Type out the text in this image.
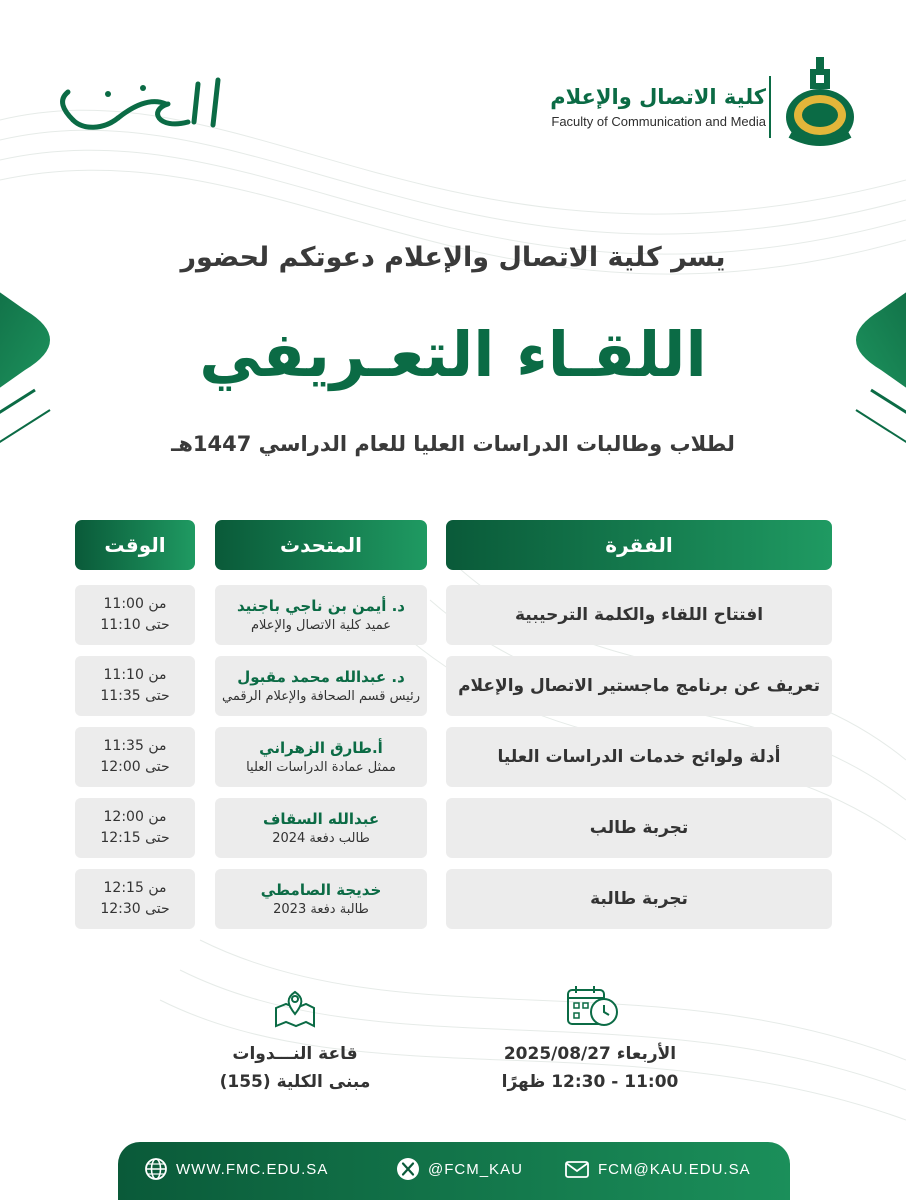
كلية الاتصال والإعلام
Faculty of Communication and Media
يسر كلية الاتصال والإعلام دعوتكم لحضور
اللقـاء التعـريفي
لطلاب وطالبات الدراسات العليا للعام الدراسي 1447هـ
الفقرة
المتحدث
الوقت
افتتاح اللقاء والكلمة الترحيبية
د. أيمن بن ناجي باجنيد
عميد كلية الاتصال والإعلام
من 11:00
حتى 11:10
تعريف عن برنامج ماجستير الاتصال والإعلام
د. عبدالله محمد مقبول
رئيس قسم الصحافة والإعلام الرقمي
من 11:10
حتى 11:35
أدلة ولوائح خدمات الدراسات العليا
أ.طارق الزهراني
ممثل عمادة الدراسات العليا
من 11:35
حتى 12:00
تجربة طالب
عبدالله السقاف
طالب دفعة 2024
من 12:00
حتى 12:15
تجربة طالبة
خديجة الصامطي
طالبة دفعة 2023
من 12:15
حتى 12:30
قاعة النـــدوات
مبنى الكلية (155)
الأربعاء 2025/08/27
11:00 - 12:30 ظهرًا
WWW.FMC.EDU.SA	@FCM_KAU	FCM@KAU.EDU.SA
